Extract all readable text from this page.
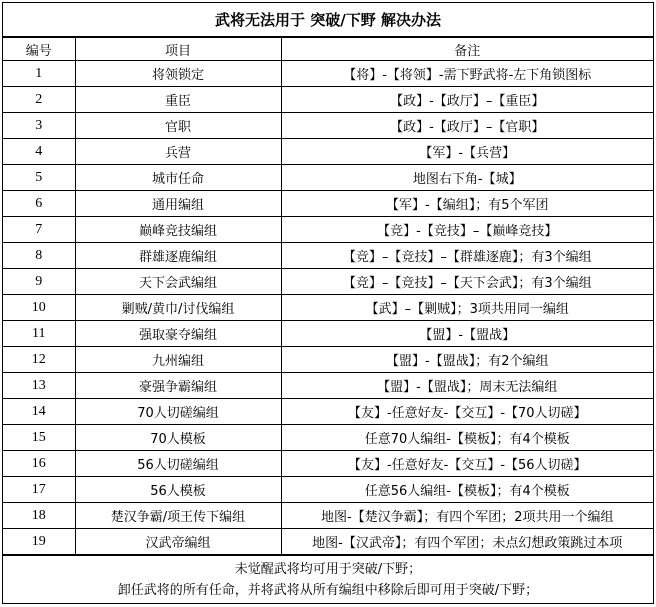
武将无法用于 突破/下野 解决办法
编号	项目	备注
1	将领锁定	【将】-【将领】-需下野武将-左下角锁图标
2	重臣	【政】-【政厅】–【重臣】
3	官职	【政】-【政厅】–【官职】
4	兵营	【军】-【兵营】
5	城市任命	地图右下角-【城】
6	通用编组	【军】-【编组】；有5个军团
7	巅峰竞技编组	【竞】-【竞技】–【巅峰竞技】
8	群雄逐鹿编组	【竞】–【竞技】–【群雄逐鹿】；有3个编组
9	天下会武编组	【竞】–【竞技】–【天下会武】；有3个编组
10	剿贼/黄巾/讨伐编组	【武】–【剿贼】；3项共用同一编组
11	强取豪夺编组	【盟】-【盟战】
12	九州编组	【盟】-【盟战】；有2个编组
13	豪强争霸编组	【盟】-【盟战】；周末无法编组
14	70人切磋编组	【友】-任意好友-【交互】-【70人切磋】
15	70人模板	任意70人编组-【模板】；有4个模板
16	56人切磋编组	【友】-任意好友-【交互】-【56人切磋】
17	56人模板	任意56人编组-【模板】；有4个模板
18	楚汉争霸/项王传下编组	地图-【楚汉争霸】；有四个军团；2项共用一个编组
19	汉武帝编组	地图-【汉武帝】；有四个军团；未点幻想政策跳过本项
未觉醒武将均可用于突破/下野；
卸任武将的所有任命，并将武将从所有编组中移除后即可用于突破/下野；
